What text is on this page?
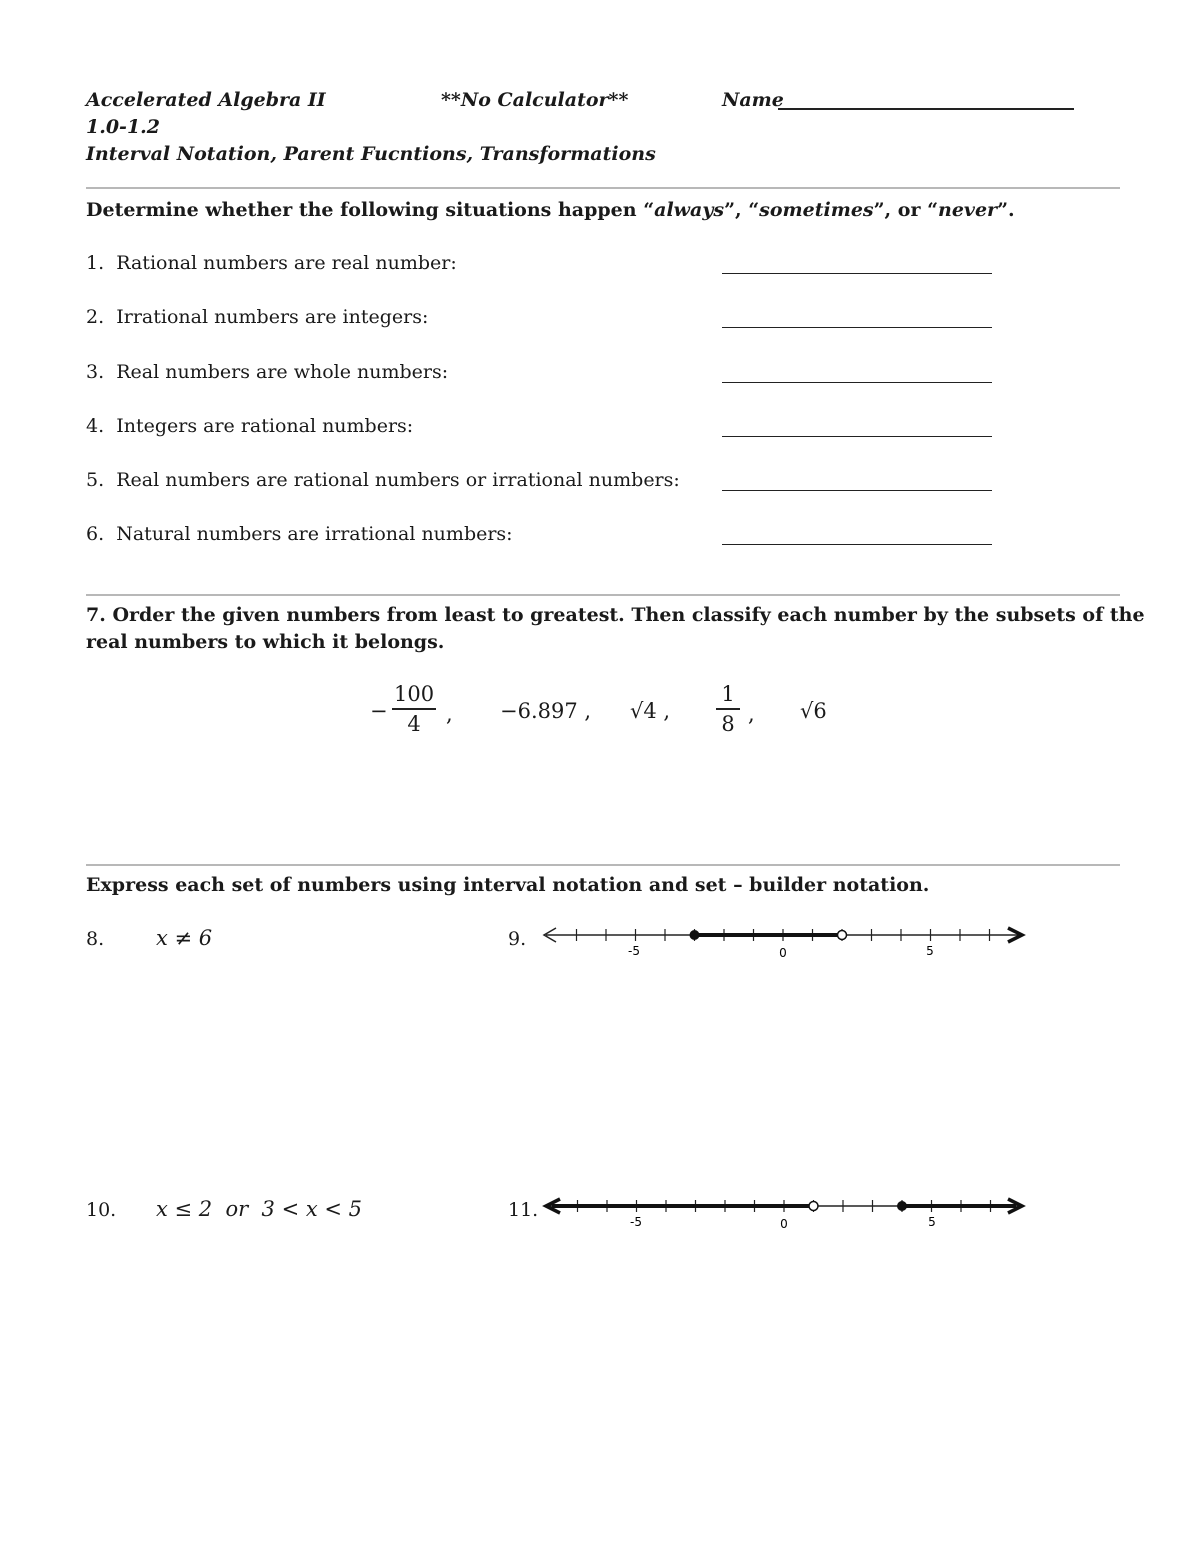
Accelerated Algebra II	**No Calculator**	Name
1.0-1.2
Interval Notation, Parent Fucntions, Transformations
Determine whether the following situations happen “always”, “sometimes”, or “never”.
1. Rational numbers are real number:
2. Irrational numbers are integers:
3. Real numbers are whole numbers:
4. Integers are rational numbers:
5. Real numbers are rational numbers or irrational numbers:
6. Natural numbers are irrational numbers:
7. Order the given numbers from least to greatest. Then classify each number by the subsets of the
real numbers to which it belongs.
− $\frac{100}{4}$ , −6.897 , √4 , $\frac{1}{8}$ , √6
Express each set of numbers using interval notation and set – builder notation.
8. x ≠ 6	9.
-5	0	5
10. x ≤ 2  or  3 < x < 5	11.
-5	0	5
